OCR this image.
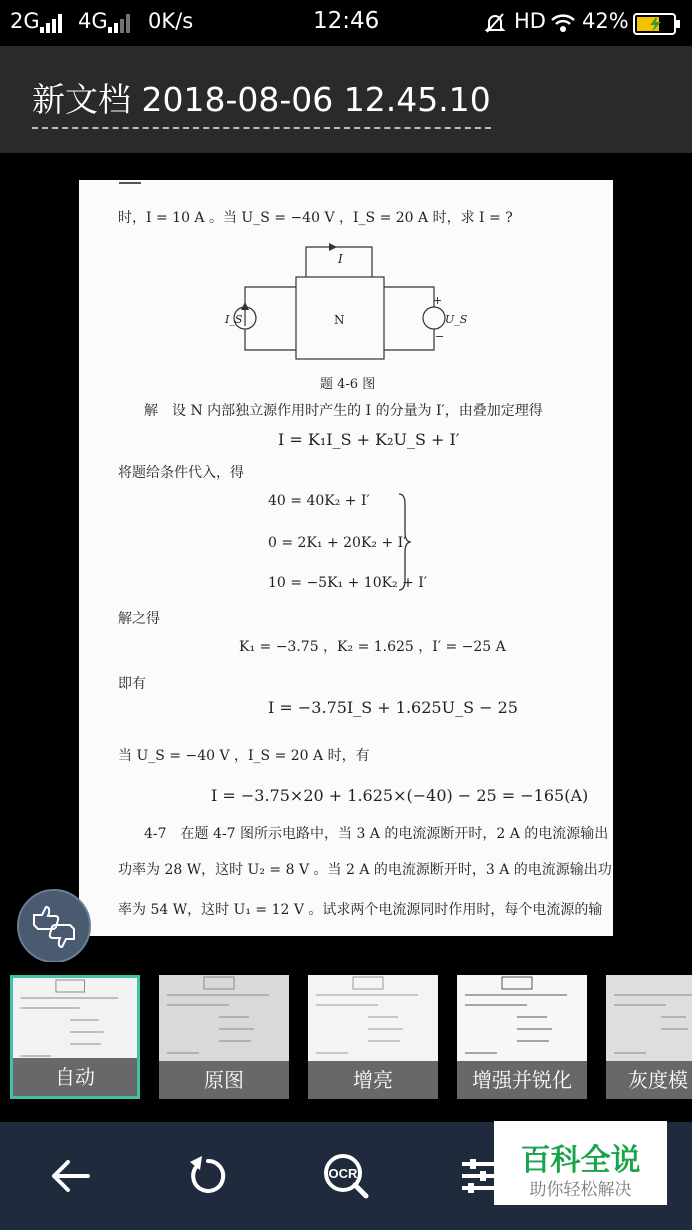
2G 4G 0K/s	12:46	HD 42%
新文档 2018-08-06 12.45.10
时，I = 10 A 。当 U_S = −40 V ，I_S = 20 A 时，求 I = ?
I
N
I_S	U_S
+
−
题 4-6 图
解　设 N 内部独立源作用时产生的 I 的分量为 I′，由叠加定理得
I = K₁I_S + K₂U_S + I′
将题给条件代入，得
40 = 40K₂ + I′
0 = 2K₁ + 20K₂ + I′
10 = −5K₁ + 10K₂ + I′
解之得
K₁ = −3.75 ，K₂ = 1.625 ，I′ = −25 A
即有
I = −3.75I_S + 1.625U_S − 25
当 U_S = −40 V ，I_S = 20 A 时，有
I = −3.75×20 + 1.625×(−40) − 25 = −165(A)
4-7　在题 4-7 图所示电路中，当 3 A 的电流源断开时，2 A 的电流源输出
功率为 28 W，这时 U₂ = 8 V 。当 2 A 的电流源断开时，3 A 的电流源输出功
率为 54 W，这时 U₁ = 12 V 。试求两个电流源同时作用时，每个电流源的输
自动	原图	增亮	增强并锐化	灰度模
OCR	百科全说
助你轻松解决
